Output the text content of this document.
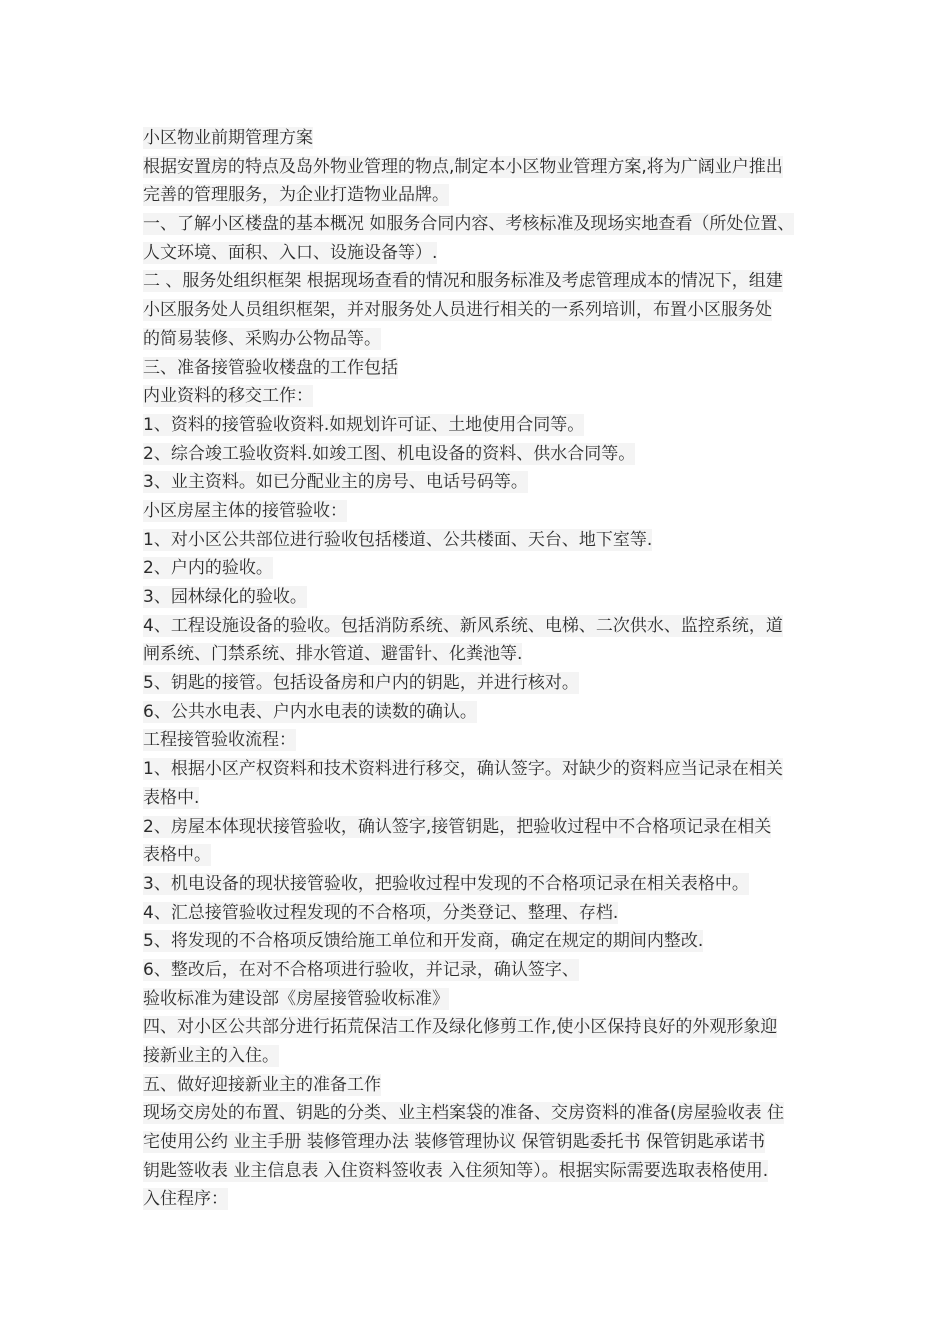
小区物业前期管理方案
根据安置房的特点及岛外物业管理的物点,制定本小区物业管理方案,将为广阔业户推出
完善的管理服务，为企业打造物业品牌。
一、了解小区楼盘的基本概况 如服务合同内容、考核标准及现场实地查看（所处位置、
人文环境、面积、入口、设施设备等）.
二 、服务处组织框架 根据现场查看的情况和服务标准及考虑管理成本的情况下，组建
小区服务处人员组织框架，并对服务处人员进行相关的一系列培训，布置小区服务处
的简易装修、采购办公物品等。
三、准备接管验收楼盘的工作包括
内业资料的移交工作：
1、资料的接管验收资料.如规划许可证、土地使用合同等。
2、综合竣工验收资料.如竣工图、机电设备的资料、供水合同等。
3、业主资料。如已分配业主的房号、电话号码等。
小区房屋主体的接管验收：
1、对小区公共部位进行验收包括楼道、公共楼面、天台、地下室等.
2、户内的验收。
3、园林绿化的验收。
4、工程设施设备的验收。包括消防系统、新风系统、电梯、二次供水、监控系统，道
闸系统、门禁系统、排水管道、避雷针、化粪池等.
5、钥匙的接管。包括设备房和户内的钥匙，并进行核对。
6、公共水电表、户内水电表的读数的确认。
工程接管验收流程：
1、根据小区产权资料和技术资料进行移交，确认签字。对缺少的资料应当记录在相关
表格中.
2、房屋本体现状接管验收，确认签字,接管钥匙，把验收过程中不合格项记录在相关
表格中。
3、机电设备的现状接管验收，把验收过程中发现的不合格项记录在相关表格中。
4、汇总接管验收过程发现的不合格项，分类登记、整理、存档.
5、将发现的不合格项反馈给施工单位和开发商，确定在规定的期间内整改.
6、整改后，在对不合格项进行验收，并记录，确认签字、
验收标准为建设部《房屋接管验收标准》
四、对小区公共部分进行拓荒保洁工作及绿化修剪工作,使小区保持良好的外观形象迎
接新业主的入住。
五、做好迎接新业主的准备工作
现场交房处的布置、钥匙的分类、业主档案袋的准备、交房资料的准备(房屋验收表 住
宅使用公约 业主手册 装修管理办法 装修管理协议 保管钥匙委托书 保管钥匙承诺书
钥匙签收表 业主信息表 入住资料签收表 入住须知等）。根据实际需要选取表格使用.
入住程序：
